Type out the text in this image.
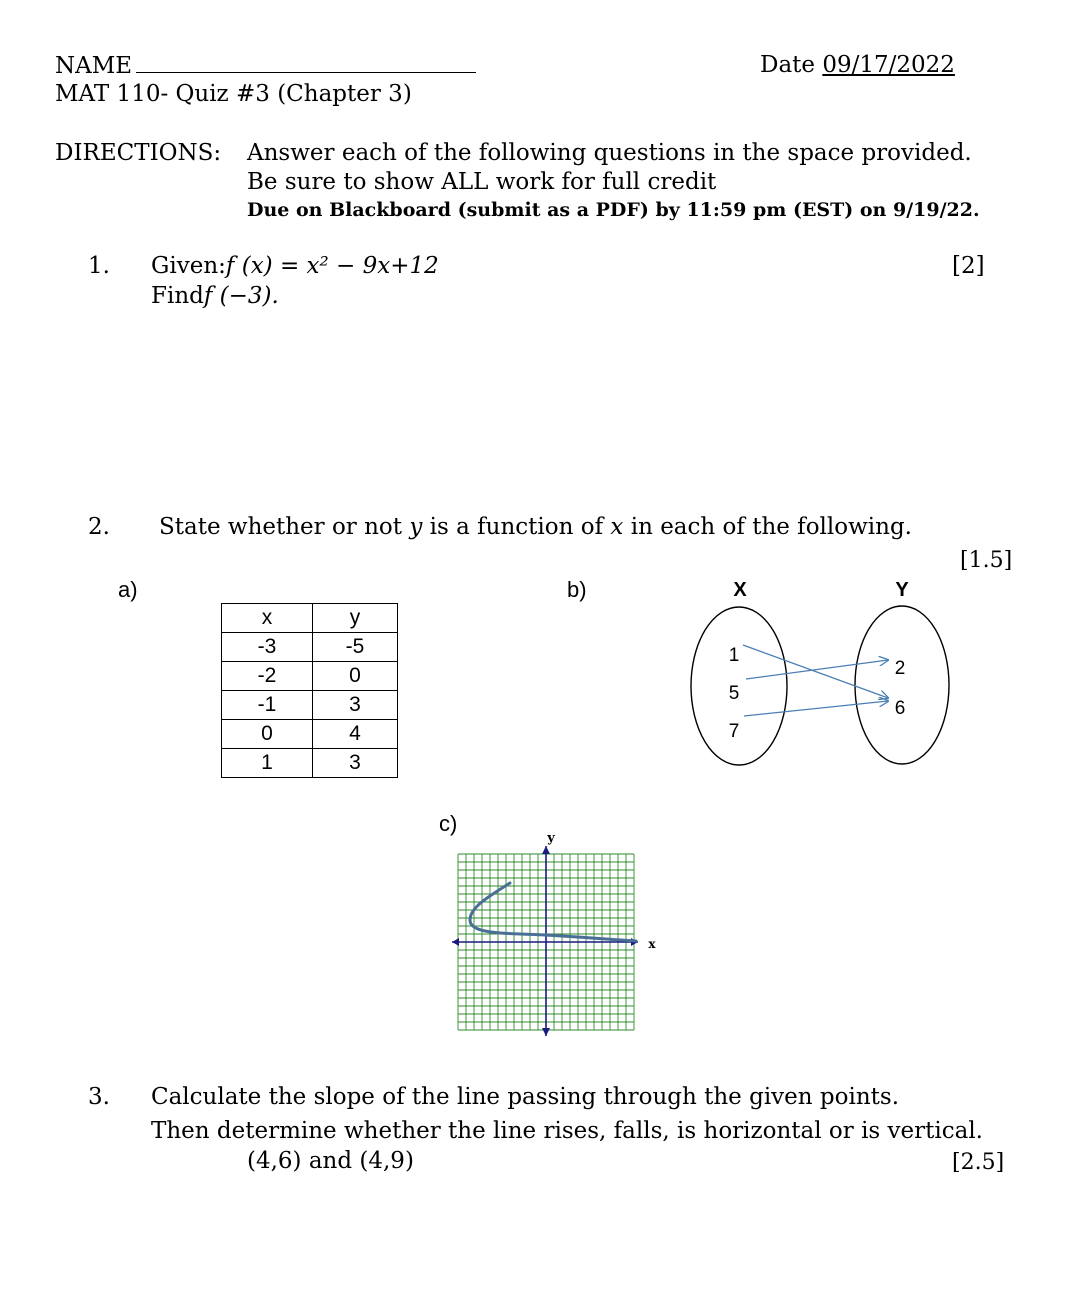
NAME	Date 09/17/2022
MAT 110- Quiz #3 (Chapter 3)
DIRECTIONS: Answer each of the following questions in the space provided.
Be sure to show ALL work for full credit
Due on Blackboard (submit as a PDF) by 11:59 pm (EST) on 9/19/22.
1. Given:f (x) = x² − 9x+12
Findf (−3).
[2]
2. State whether or not y is a function of x in each of the following.
[1.5]
a)
x	y
-3	-5
-2	0
-1	3
0	4
1	3
b)	X	Y
1
5
7
2
6
c)
x
y
3. Calculate the slope of the line passing through the given points.
Then determine whether the line rises, falls, is horizontal or is vertical.
(4,6) and (4,9)	[2.5]
